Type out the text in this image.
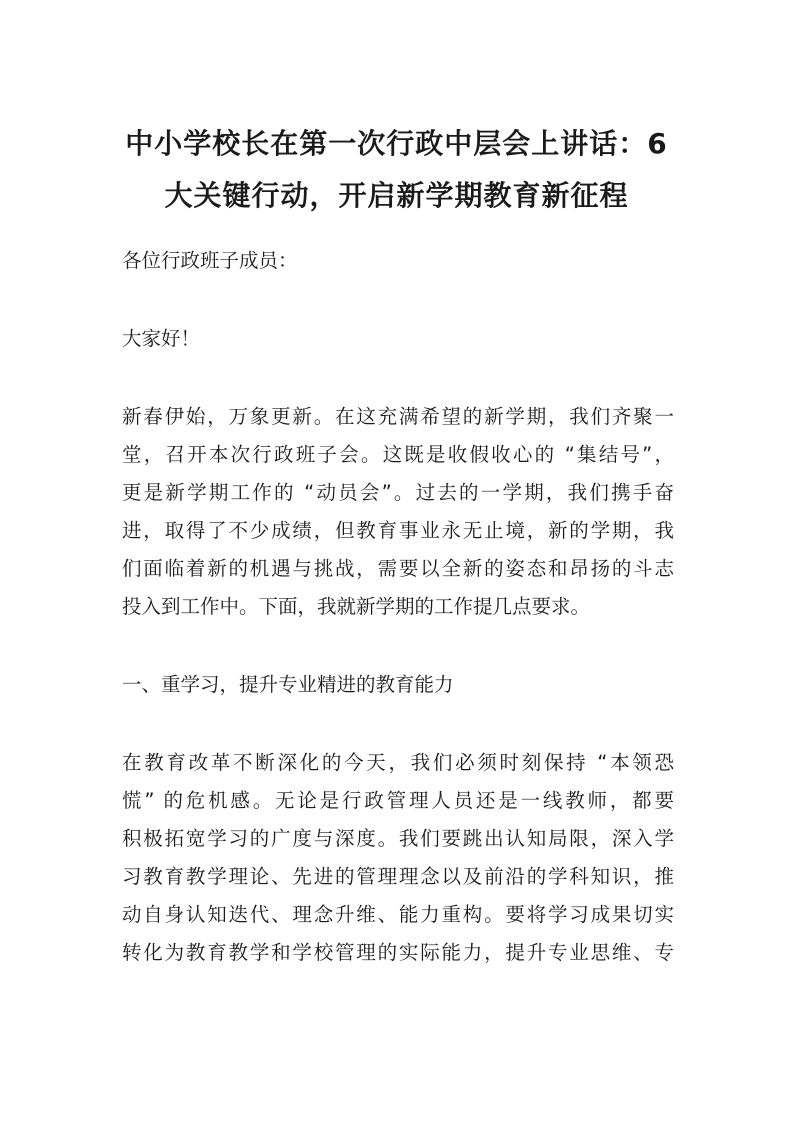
中小学校长在第一次行政中层会上讲话：6
大关键行动，开启新学期教育新征程

各位行政班子成员：

大家好！

新春伊始，万象更新。在这充满希望的新学期，我们齐聚一
堂，召开本次行政班子会。这既是收假收心的 “集结号”，
更是新学期工作的 “动员会”。过去的一学期，我们携手奋
进，取得了不少成绩，但教育事业永无止境，新的学期，我
们面临着新的机遇与挑战，需要以全新的姿态和昂扬的斗志
投入到工作中。下面，我就新学期的工作提几点要求。

一、重学习，提升专业精进的教育能力

在教育改革不断深化的今天，我们必须时刻保持 “本领恐
慌” 的危机感。无论是行政管理人员还是一线教师，都要
积极拓宽学习的广度与深度。我们要跳出认知局限，深入学
习教育教学理论、先进的管理理念以及前沿的学科知识，推
动自身认知迭代、理念升维、能力重构。要将学习成果切实
转化为教育教学和学校管理的实际能力，提升专业思维、专
